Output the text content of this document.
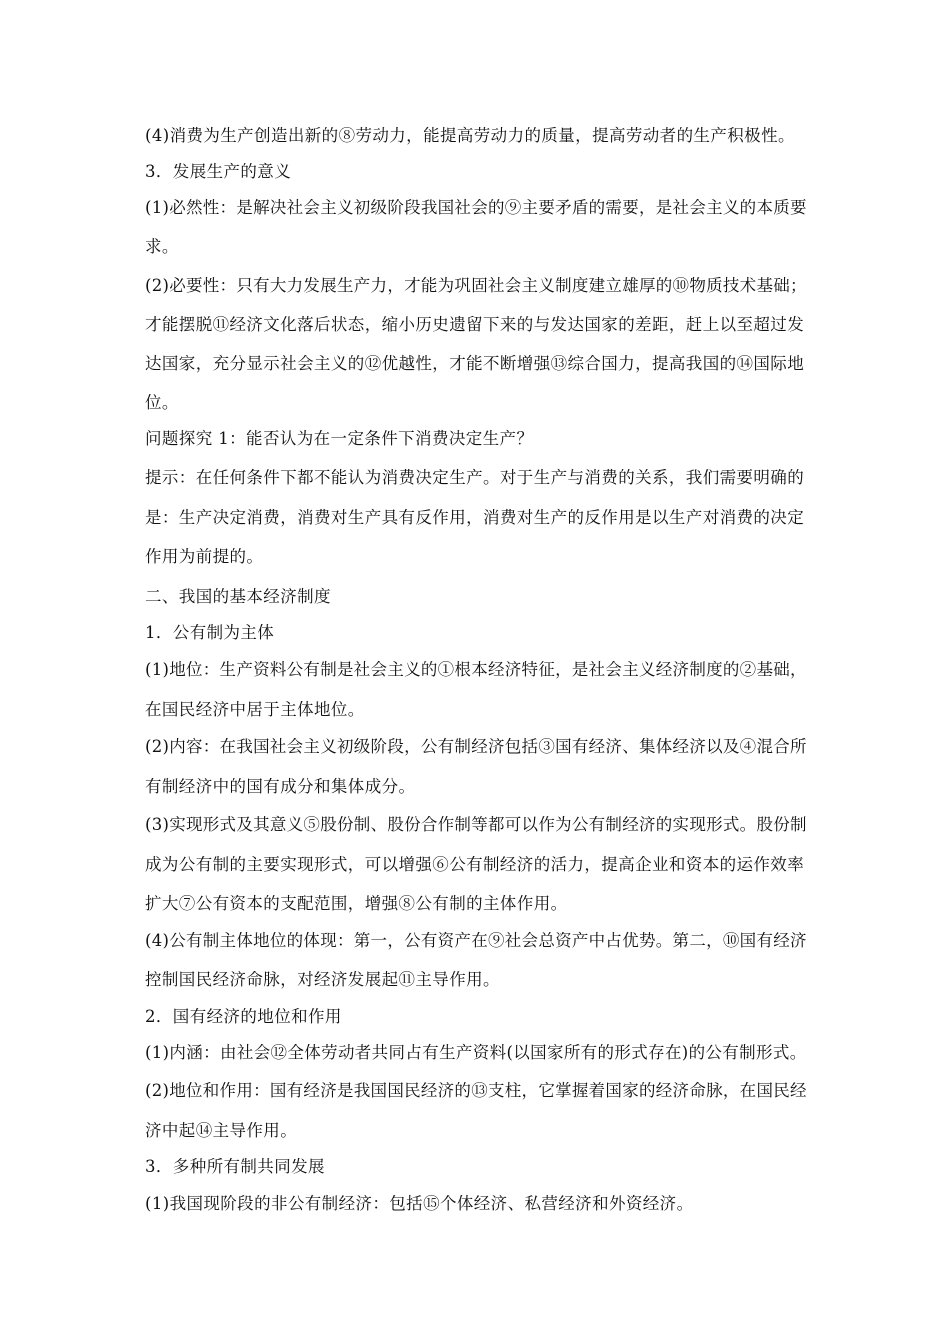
(4)消费为生产创造出新的⑧劳动力，能提高劳动力的质量，提高劳动者的生产积极性。
3．发展生产的意义
(1)必然性：是解决社会主义初级阶段我国社会的⑨主要矛盾的需要，是社会主义的本质要
求。
(2)必要性：只有大力发展生产力，才能为巩固社会主义制度建立雄厚的⑩物质技术基础；
才能摆脱⑪经济文化落后状态，缩小历史遗留下来的与发达国家的差距，赶上以至超过发
达国家，充分显示社会主义的⑫优越性，才能不断增强⑬综合国力，提高我国的⑭国际地
位。
问题探究 1：能否认为在一定条件下消费决定生产？
提示：在任何条件下都不能认为消费决定生产。对于生产与消费的关系，我们需要明确的
是：生产决定消费，消费对生产具有反作用，消费对生产的反作用是以生产对消费的决定
作用为前提的。
二、我国的基本经济制度
1．公有制为主体
(1)地位：生产资料公有制是社会主义的①根本经济特征，是社会主义经济制度的②基础，
在国民经济中居于主体地位。
(2)内容：在我国社会主义初级阶段，公有制经济包括③国有经济、集体经济以及④混合所
有制经济中的国有成分和集体成分。
(3)实现形式及其意义⑤股份制、股份合作制等都可以作为公有制经济的实现形式。股份制
成为公有制的主要实现形式，可以增强⑥公有制经济的活力，提高企业和资本的运作效率
扩大⑦公有资本的支配范围，增强⑧公有制的主体作用。
(4)公有制主体地位的体现：第一，公有资产在⑨社会总资产中占优势。第二，⑩国有经济
控制国民经济命脉，对经济发展起⑪主导作用。
2．国有经济的地位和作用
(1)内涵：由社会⑫全体劳动者共同占有生产资料(以国家所有的形式存在)的公有制形式。
(2)地位和作用：国有经济是我国国民经济的⑬支柱，它掌握着国家的经济命脉，在国民经
济中起⑭主导作用。
3．多种所有制共同发展
(1)我国现阶段的非公有制经济：包括⑮个体经济、私营经济和外资经济。
